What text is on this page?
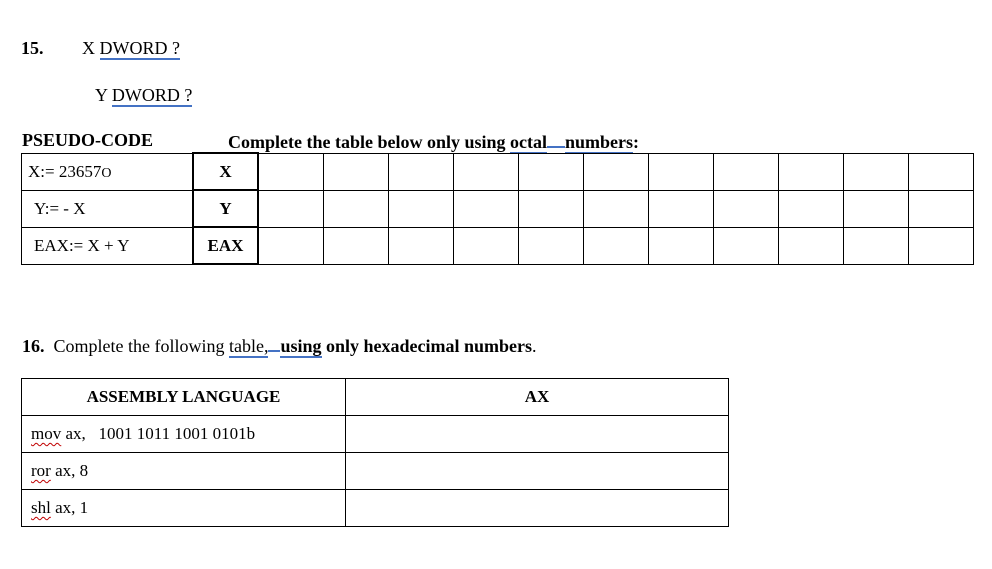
15. X DWORD ?
Y DWORD ?
PSEUDO-CODE	Complete the table below only using octal numbers:
X:= 23657O	X											
Y:= - X	Y											
EAX:= X + Y	EAX											
16. Complete the following table, using only hexadecimal numbers.
ASSEMBLY LANGUAGE	AX
mov ax,   1001 1011 1001 0101b	
ror ax, 8	
shl ax, 1	
